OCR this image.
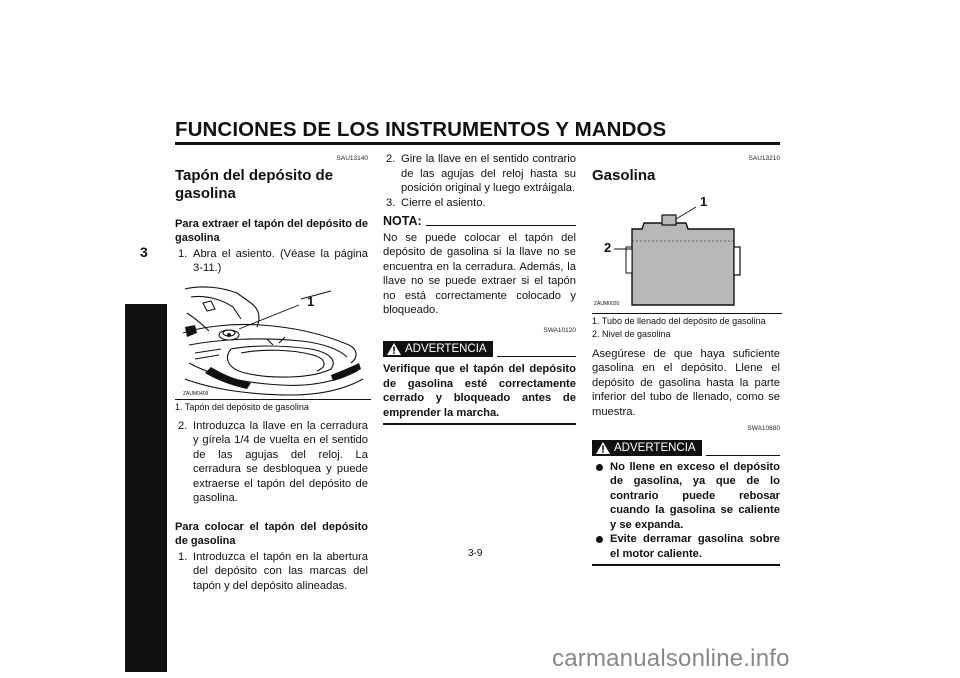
FUNCIONES DE LOS INSTRUMENTOS Y MANDOS
3
SAU13140
Tapón del depósito de gasolina
Para extraer el tapón del depósito de gasolina
1. Abra el asiento. (Véase la página 3-11.)
1
ZAUM0409
1. Tapón del depósito de gasolina
2. Introduzca la llave en la cerradura y gírela 1/4 de vuelta en el sentido de las agujas del reloj. La cerradura se desbloquea y puede extraerse el tapón del depósito de gasolina.
Para colocar el tapón del depósito de gasolina
1. Introduzca el tapón en la abertura del depósito con las marcas del tapón y del depósito alineadas.
2. Gire la llave en el sentido contrario de las agujas del reloj hasta su posición original y luego extráigala.
3. Cierre el asiento.
NOTA:
No se puede colocar el tapón del depósito de gasolina si la llave no se encuentra en la cerradura. Además, la llave no se puede extraer si el tapón no está correctamente colocado y bloqueado.
SWA10120
ADVERTENCIA
Verifique que el tapón del depósito de gasolina esté correctamente cerrado y bloqueado antes de emprender la marcha.
SAU13210
Gasolina
1
2
ZAUM0020
1. Tubo de llenado del depósito de gasolina
2. Nivel de gasolina
Asegúrese de que haya suficiente gasolina en el depósito. Llene el depósito de gasolina hasta la parte inferior del tubo de llenado, como se muestra.
SWA10880
ADVERTENCIA
No llene en exceso el depósito de gasolina, ya que de lo contrario puede rebosar cuando la gasolina se caliente y se expanda.
Evite derramar gasolina sobre el motor caliente.
3-9
carmanualsonline.info
